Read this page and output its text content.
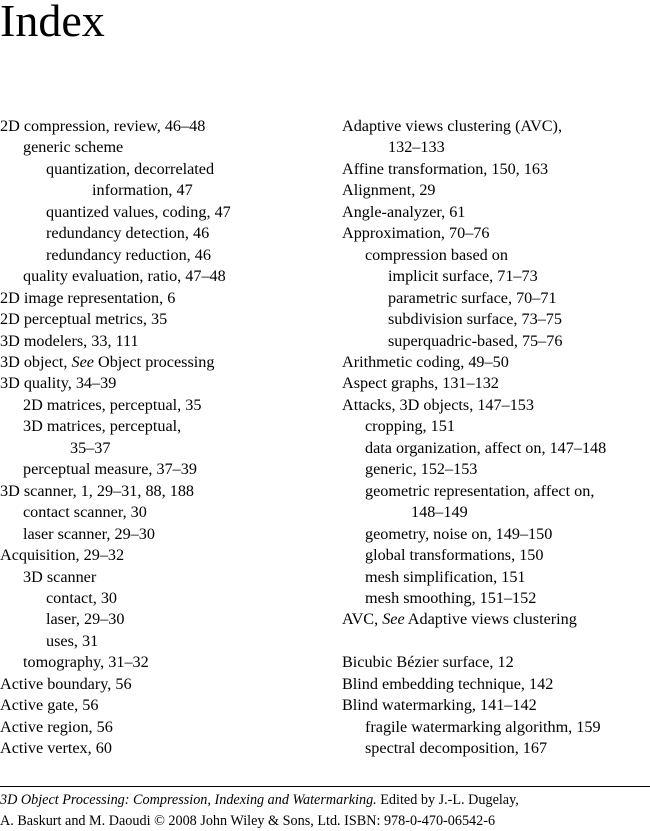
Index
2D compression, review, 46–48
generic scheme
quantization, decorrelated
information, 47
quantized values, coding, 47
redundancy detection, 46
redundancy reduction, 46
quality evaluation, ratio, 47–48
2D image representation, 6
2D perceptual metrics, 35
3D modelers, 33, 111
3D object, See Object processing
3D quality, 34–39
2D matrices, perceptual, 35
3D matrices, perceptual,
35–37
perceptual measure, 37–39
3D scanner, 1, 29–31, 88, 188
contact scanner, 30
laser scanner, 29–30
Acquisition, 29–32
3D scanner
contact, 30
laser, 29–30
uses, 31
tomography, 31–32
Active boundary, 56
Active gate, 56
Active region, 56
Active vertex, 60
Adaptive views clustering (AVC),
132–133
Affine transformation, 150, 163
Alignment, 29
Angle-analyzer, 61
Approximation, 70–76
compression based on
implicit surface, 71–73
parametric surface, 70–71
subdivision surface, 73–75
superquadric-based, 75–76
Arithmetic coding, 49–50
Aspect graphs, 131–132
Attacks, 3D objects, 147–153
cropping, 151
data organization, affect on, 147–148
generic, 152–153
geometric representation, affect on,
148–149
geometry, noise on, 149–150
global transformations, 150
mesh simplification, 151
mesh smoothing, 151–152
AVC, See Adaptive views clustering
Bicubic Bézier surface, 12
Blind embedding technique, 142
Blind watermarking, 141–142
fragile watermarking algorithm, 159
spectral decomposition, 167
3D Object Processing: Compression, Indexing and Watermarking. Edited by J.-L. Dugelay,
A. Baskurt and M. Daoudi © 2008 John Wiley & Sons, Ltd. ISBN: 978-0-470-06542-6
